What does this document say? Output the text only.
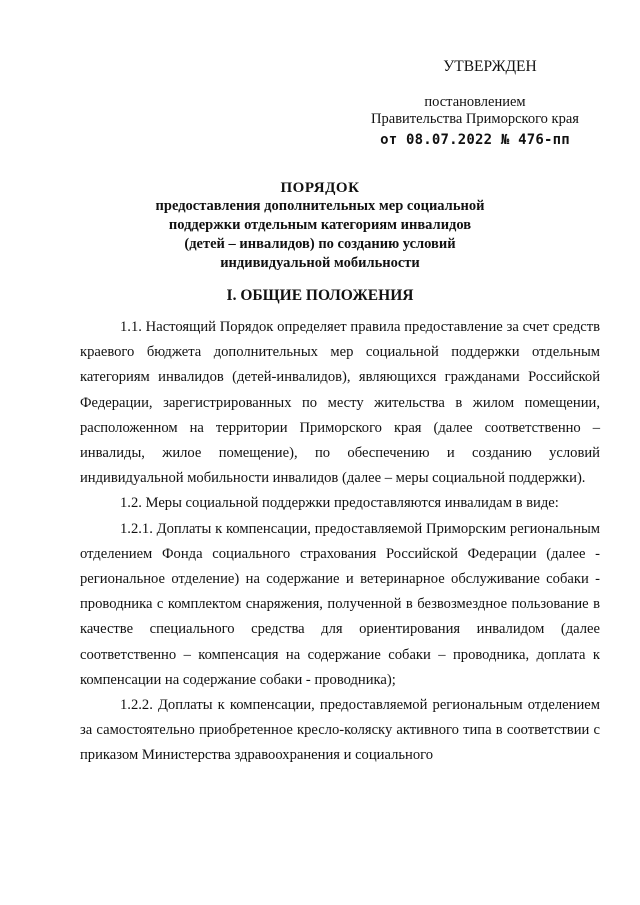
УТВЕРЖДЕН
постановлением
Правительства Приморского края
от 08.07.2022 № 476-пп
ПОРЯДОК
предоставления дополнительных мер социальной
поддержки отдельным категориям инвалидов
(детей – инвалидов) по созданию условий
индивидуальной мобильности
I. ОБЩИЕ ПОЛОЖЕНИЯ

1.1. Настоящий Порядок определяет правила предоставление за счет средств краевого бюджета дополнительных мер социальной поддержки отдельным категориям инвалидов (детей-инвалидов), являющихся гражданами Российской Федерации, зарегистрированных по месту жительства в жилом помещении, расположенном на территории Приморского края (далее соответственно – инвалиды, жилое помещение), по обеспечению и созданию условий индивидуальной мобильности инвалидов (далее – меры социальной поддержки).

1.2. Меры социальной поддержки предоставляются инвалидам в виде:

1.2.1. Доплаты к компенсации, предоставляемой Приморским региональным отделением Фонда социального страхования Российской Федерации (далее - региональное отделение) на содержание и ветеринарное обслуживание собаки - проводника с комплектом снаряжения, полученной в безвозмездное пользование в качестве специального средства для ориентирования инвалидом (далее соответственно – компенсация на содержание собаки – проводника, доплата к компенсации на содержание собаки - проводника);

1.2.2. Доплаты к компенсации, предоставляемой региональным отделением за самостоятельно приобретенное кресло-коляску активного типа в соответствии с приказом Министерства здравоохранения и социального
